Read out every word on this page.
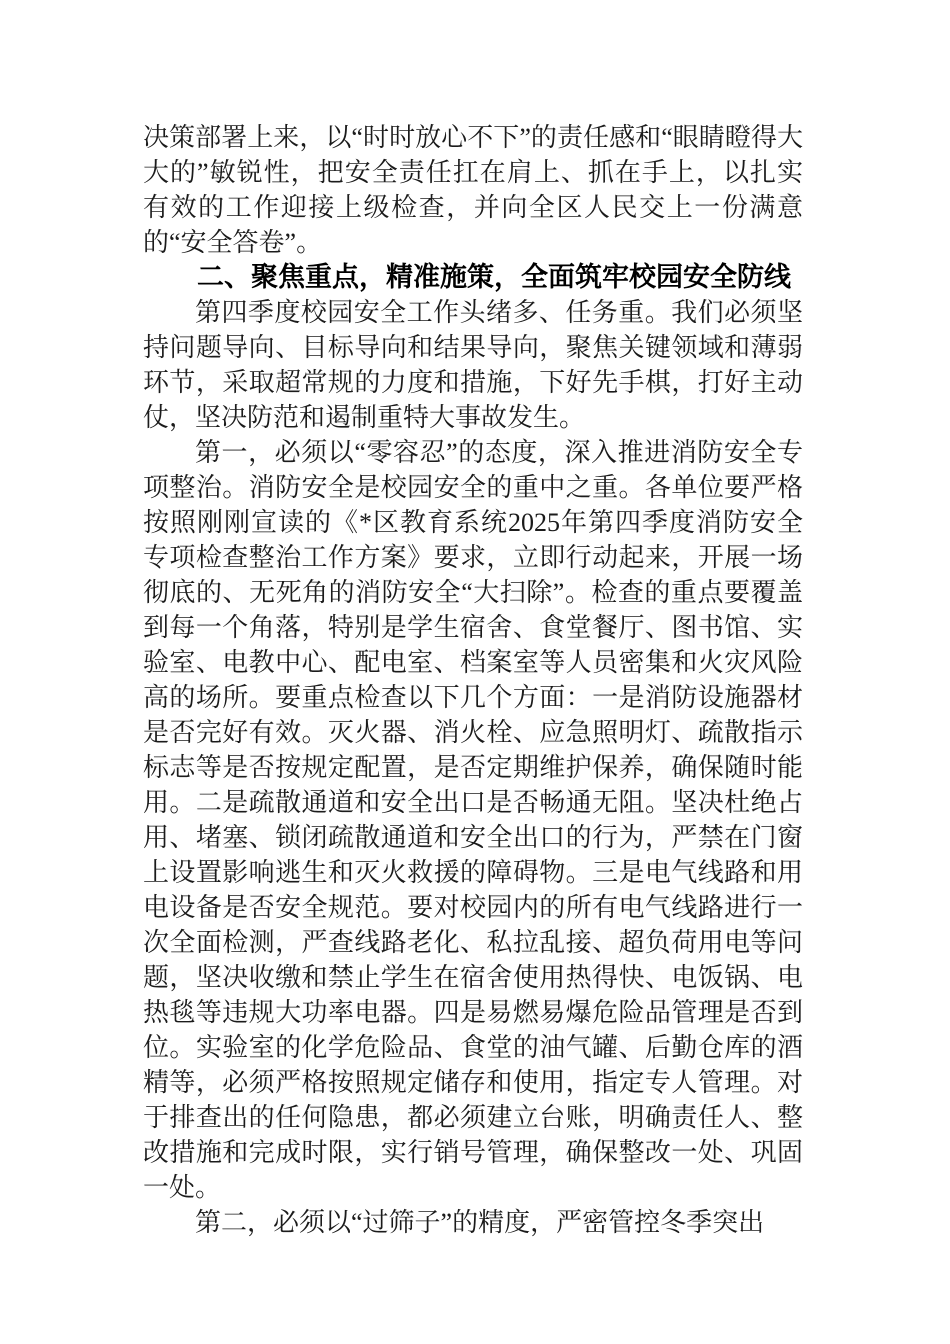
决策部署上来，以“时时放心不下”的责任感和“眼睛瞪得大大的”敏锐性，把安全责任扛在肩上、抓在手上，以扎实有效的工作迎接上级检查，并向全区人民交上一份满意的“安全答卷”。

二、聚焦重点，精准施策，全面筑牢校园安全防线

第四季度校园安全工作头绪多、任务重。我们必须坚持问题导向、目标导向和结果导向，聚焦关键领域和薄弱环节，采取超常规的力度和措施，下好先手棋，打好主动仗，坚决防范和遏制重特大事故发生。

第一，必须以“零容忍”的态度，深入推进消防安全专项整治。消防安全是校园安全的重中之重。各单位要严格按照刚刚宣读的《*区教育系统2025年第四季度消防安全专项检查整治工作方案》要求，立即行动起来，开展一场彻底的、无死角的消防安全“大扫除”。检查的重点要覆盖到每一个角落，特别是学生宿舍、食堂餐厅、图书馆、实验室、电教中心、配电室、档案室等人员密集和火灾风险高的场所。要重点检查以下几个方面：一是消防设施器材是否完好有效。灭火器、消火栓、应急照明灯、疏散指示标志等是否按规定配置，是否定期维护保养，确保随时能用。二是疏散通道和安全出口是否畅通无阻。坚决杜绝占用、堵塞、锁闭疏散通道和安全出口的行为，严禁在门窗上设置影响逃生和灭火救援的障碍物。三是电气线路和用电设备是否安全规范。要对校园内的所有电气线路进行一次全面检测，严查线路老化、私拉乱接、超负荷用电等问题，坚决收缴和禁止学生在宿舍使用热得快、电饭锅、电热毯等违规大功率电器。四是易燃易爆危险品管理是否到位。实验室的化学危险品、食堂的油气罐、后勤仓库的酒精等，必须严格按照规定储存和使用，指定专人管理。对于排查出的任何隐患，都必须建立台账，明确责任人、整改措施和完成时限，实行销号管理，确保整改一处、巩固一处。

第二，必须以“过筛子”的精度，严密管控冬季突出
